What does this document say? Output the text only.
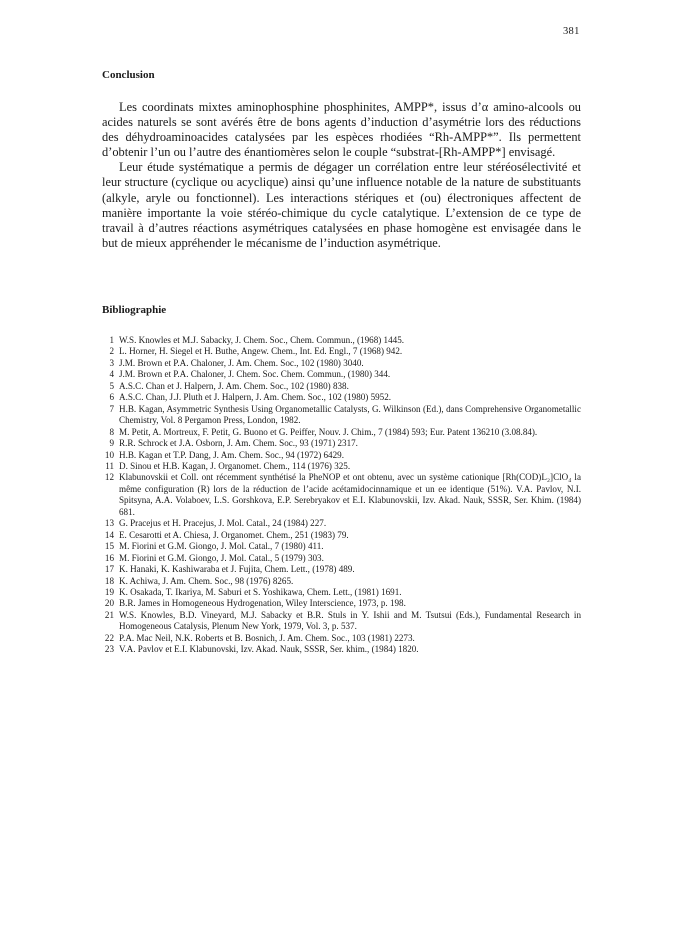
381
Conclusion

Les coordinats mixtes aminophosphine phosphinites, AMPP*, issus d’α amino-alcools ou acides naturels se sont avérés être de bons agents d’induction d’asymétrie lors des réductions des déhydroaminoacides catalysées par les espèces rhodiées “Rh-AMPP*”. Ils permettent d’obtenir l’un ou l’autre des énantiomères selon le couple “substrat-[Rh-AMPP*] envisagé.

Leur étude systématique a permis de dégager un corrélation entre leur stéréosélectivité et leur structure (cyclique ou acyclique) ainsi qu’une influence notable de la nature de substituants (alkyle, aryle ou fonctionnel). Les interactions stériques et (ou) électroniques affectent de manière importante la voie stéréo-chimique du cycle catalytique. L’extension de ce type de travail à d’autres réactions asymétriques catalysées en phase homogène est envisagée dans le but de mieux appréhender le mécanisme de l’induction asymétrique.

Bibliographie
1 W.S. Knowles et M.J. Sabacky, J. Chem. Soc., Chem. Commun., (1968) 1445.
2 L. Horner, H. Siegel et H. Buthe, Angew. Chem., Int. Ed. Engl., 7 (1968) 942.
3 J.M. Brown et P.A. Chaloner, J. Am. Chem. Soc., 102 (1980) 3040.
4 J.M. Brown et P.A. Chaloner, J. Chem. Soc. Chem. Commun., (1980) 344.
5 A.S.C. Chan et J. Halpern, J. Am. Chem. Soc., 102 (1980) 838.
6 A.S.C. Chan, J.J. Pluth et J. Halpern, J. Am. Chem. Soc., 102 (1980) 5952.
7 H.B. Kagan, Asymmetric Synthesis Using Organometallic Catalysts, G. Wilkinson (Ed.), dans Comprehensive Organometallic Chemistry, Vol. 8 Pergamon Press, London, 1982.
8 M. Petit, A. Mortreux, F. Petit, G. Buono et G. Peiffer, Nouv. J. Chim., 7 (1984) 593; Eur. Patent 136210 (3.08.84).
9 R.R. Schrock et J.A. Osborn, J. Am. Chem. Soc., 93 (1971) 2317.
10 H.B. Kagan et T.P. Dang, J. Am. Chem. Soc., 94 (1972) 6429.
11 D. Sinou et H.B. Kagan, J. Organomet. Chem., 114 (1976) 325.
12 Klabunovskii et Coll. ont récemment synthétisé la PheNOP et ont obtenu, avec un système cationique [Rh(COD)L₂]ClO₄ la même configuration (R) lors de la réduction de l’acide acétamidocinnamique et un ee identique (51%). V.A. Pavlov, N.I. Spitsyna, A.A. Volaboev, L.S. Gorshkova, E.P. Serebryakov et E.I. Klabunovskii, Izv. Akad. Nauk, SSSR, Ser. Khim. (1984) 681.
13 G. Pracejus et H. Pracejus, J. Mol. Catal., 24 (1984) 227.
14 E. Cesarotti et A. Chiesa, J. Organomet. Chem., 251 (1983) 79.
15 M. Fiorini et G.M. Giongo, J. Mol. Catal., 7 (1980) 411.
16 M. Fiorini et G.M. Giongo, J. Mol. Catal., 5 (1979) 303.
17 K. Hanaki, K. Kashiwaraba et J. Fujita, Chem. Lett., (1978) 489.
18 K. Achiwa, J. Am. Chem. Soc., 98 (1976) 8265.
19 K. Osakada, T. Ikariya, M. Saburi et S. Yoshikawa, Chem. Lett., (1981) 1691.
20 B.R. James in Homogeneous Hydrogenation, Wiley Interscience, 1973, p. 198.
21 W.S. Knowles, B.D. Vineyard, M.J. Sabacky et B.R. Stuls in Y. Ishii and M. Tsutsui (Eds.), Fundamental Research in Homogeneous Catalysis, Plenum New York, 1979, Vol. 3, p. 537.
22 P.A. Mac Neil, N.K. Roberts et B. Bosnich, J. Am. Chem. Soc., 103 (1981) 2273.
23 V.A. Pavlov et E.I. Klabunovski, Izv. Akad. Nauk, SSSR, Ser. khim., (1984) 1820.
